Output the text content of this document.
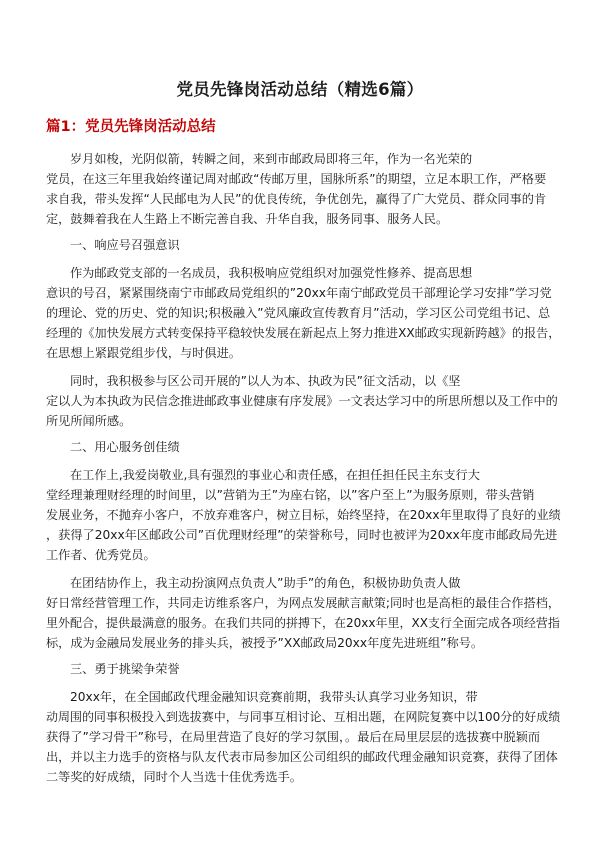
党员先锋岗活动总结（精选6篇）
篇1：党员先锋岗活动总结
岁月如梭，光阴似箭，转瞬之间，来到市邮政局即将三年，作为一名光荣的
党员，在这三年里我始终谨记周对邮政“传邮万里，国脉所系”的期望，立足本职工作，严格要
求自我，带头发挥“人民邮电为人民”的优良传统，争优创先，赢得了广大党员、群众同事的肯
定，鼓舞着我在人生路上不断完善自我、升华自我，服务同事、服务人民。
一、响应号召强意识
作为邮政党支部的一名成员，我积极响应党组织对加强党性修养、提高思想
意识的号召，紧紧围绕南宁市邮政局党组织的”20xx年南宁邮政党员干部理论学习安排”学习党
的理论、党的历史、党的知识;积极融入”党风廉政宣传教育月”活动，学习区公司党组书记、总
经理的《加快发展方式转变保持平稳较快发展在新起点上努力推进XX邮政实现新跨越》的报告，
在思想上紧跟党组步伐，与时俱进。
同时，我积极参与区公司开展的”以人为本、执政为民”征文活动，以《坚
定以人为本执政为民信念推进邮政事业健康有序发展》一文表达学习中的所思所想以及工作中的
所见所闻所感。
二、用心服务创佳绩
在工作上,我爱岗敬业,具有强烈的事业心和责任感，在担任担任民主东支行大
堂经理兼理财经理的时间里，以”营销为王”为座右铭，以”客户至上”为服务原则，带头营销
发展业务，不抛弃小客户，不放弃难客户，树立目标，始终坚持，在20xx年里取得了良好的业绩
，获得了20xx年区邮政公司”百优理财经理”的荣誉称号，同时也被评为20xx年度市邮政局先进
工作者、优秀党员。
在团结协作上，我主动扮演网点负责人”助手”的角色，积极协助负责人做
好日常经营管理工作，共同走访维系客户，为网点发展献言献策;同时也是高柜的最佳合作搭档，
里外配合，提供最满意的服务。在我们共同的拼搏下，在20xx年里，XX支行全面完成各项经营指
标，成为金融局发展业务的排头兵，被授予”XX邮政局20xx年度先进班组”称号。
三、勇于挑梁争荣誉
20xx年，在全国邮政代理金融知识竞赛前期，我带头认真学习业务知识，带
动周围的同事积极投入到选拔赛中，与同事互相讨论、互相出题，在网院复赛中以100分的好成绩
获得了”学习骨干”称号，在局里营造了良好的学习氛围，。最后在局里层层的选拔赛中脱颖而
出，并以主力选手的资格与队友代表市局参加区公司组织的邮政代理金融知识竞赛，获得了团体
二等奖的好成绩，同时个人当选十佳优秀选手。
